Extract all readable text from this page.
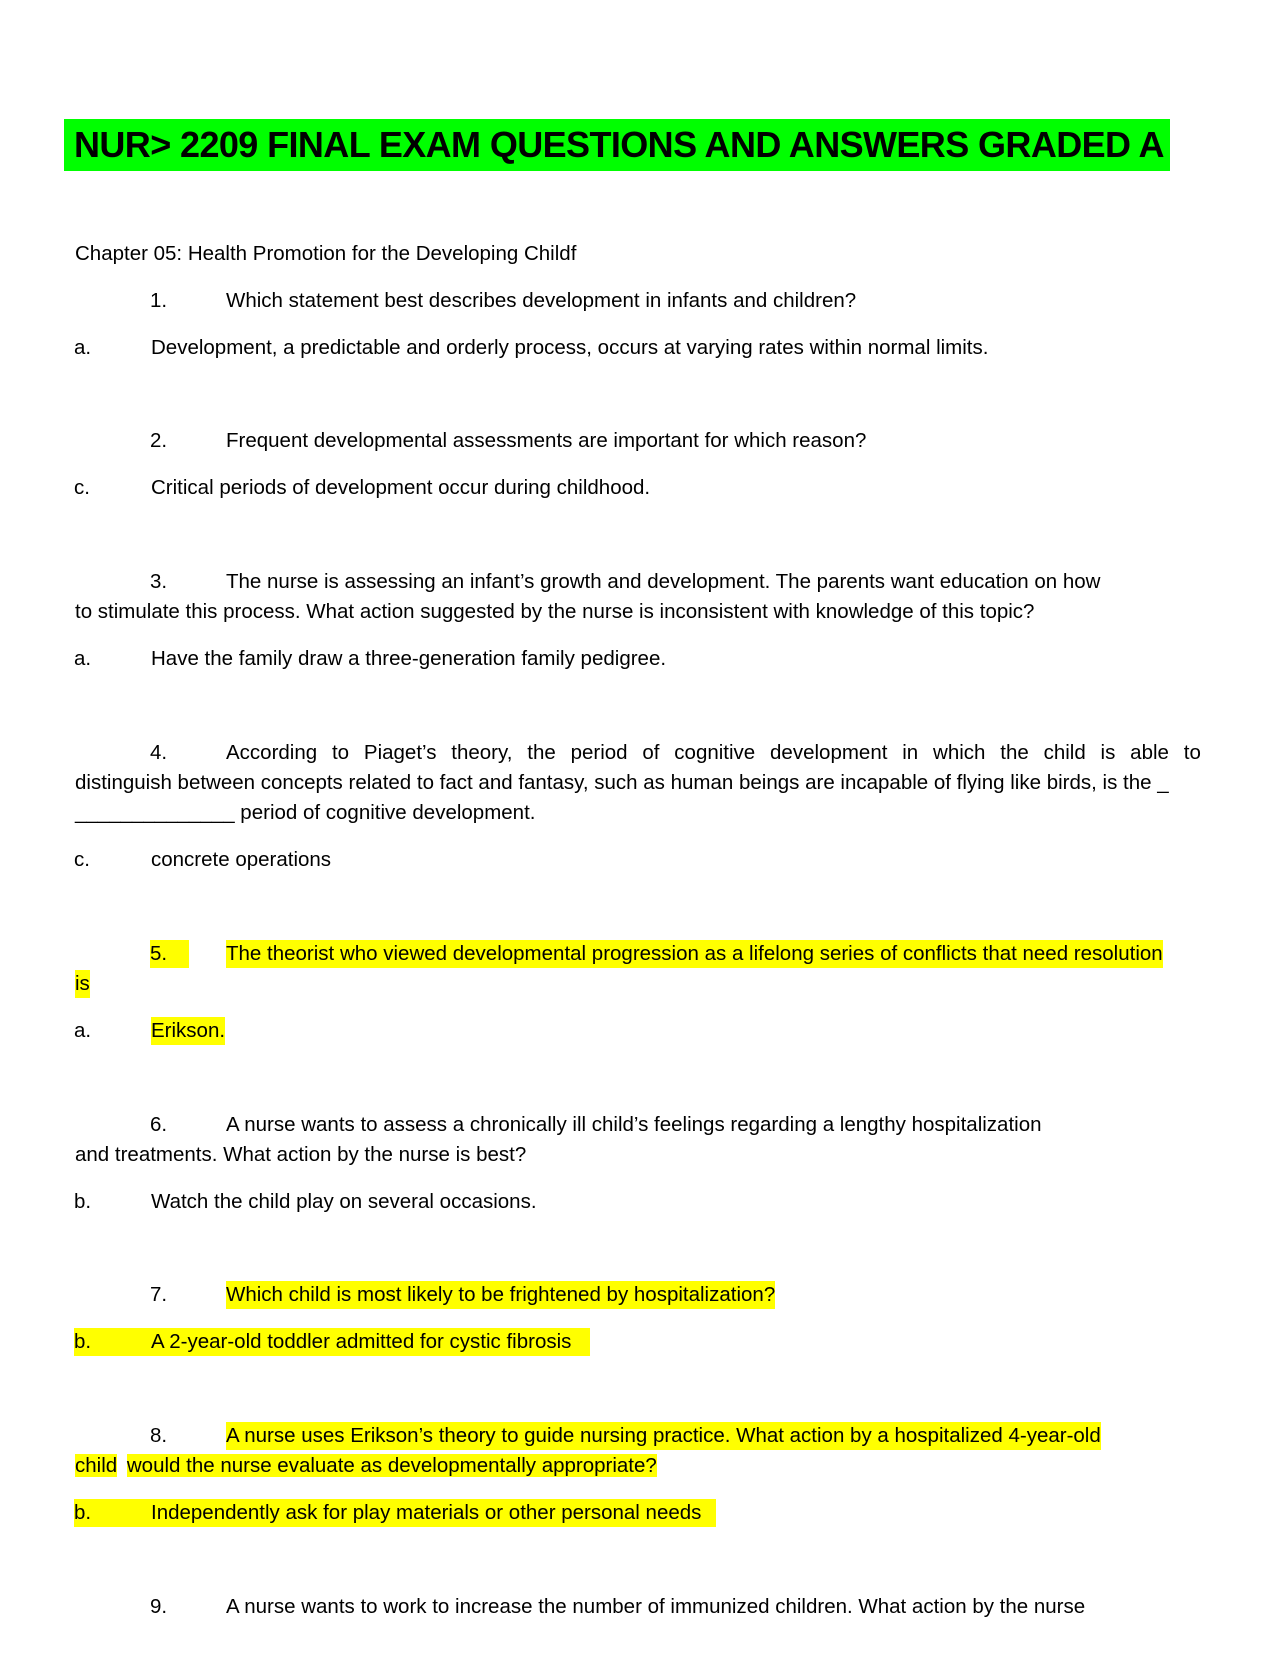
NUR> 2209 FINAL EXAM QUESTIONS AND ANSWERS GRADED A
Chapter 05: Health Promotion for the Developing Childf
1.	Which statement best describes development in infants and children?
a.	Development, a predictable and orderly process, occurs at varying rates within normal limits.
2.	Frequent developmental assessments are important for which reason?
c.	Critical periods of development occur during childhood.
3.	The nurse is assessing an infant’s growth and development. The parents want education on how
to stimulate this process. What action suggested by the nurse is inconsistent with knowledge of this topic?
a.	Have the family draw a three-generation family pedigree.
4.	According to Piaget’s theory, the period of cognitive development in which the child is able to
distinguish between concepts related to fact and fantasy, such as human beings are incapable of flying like birds, is the _
______________ period of cognitive development.
c.	concrete operations
5.	The theorist who viewed developmental progression as a lifelong series of conflicts that need resolution
is
a.	Erikson.
6.	A nurse wants to assess a chronically ill child’s feelings regarding a lengthy hospitalization
and treatments. What action by the nurse is best?
b.	Watch the child play on several occasions.
7.	Which child is most likely to be frightened by hospitalization?
b.	A 2-year-old toddler admitted for cystic fibrosis
8.	A nurse uses Erikson’s theory to guide nursing practice. What action by a hospitalized 4-year-old
child would the nurse evaluate as developmentally appropriate?
b.	Independently ask for play materials or other personal needs
9.	A nurse wants to work to increase the number of immunized children. What action by the nurse
